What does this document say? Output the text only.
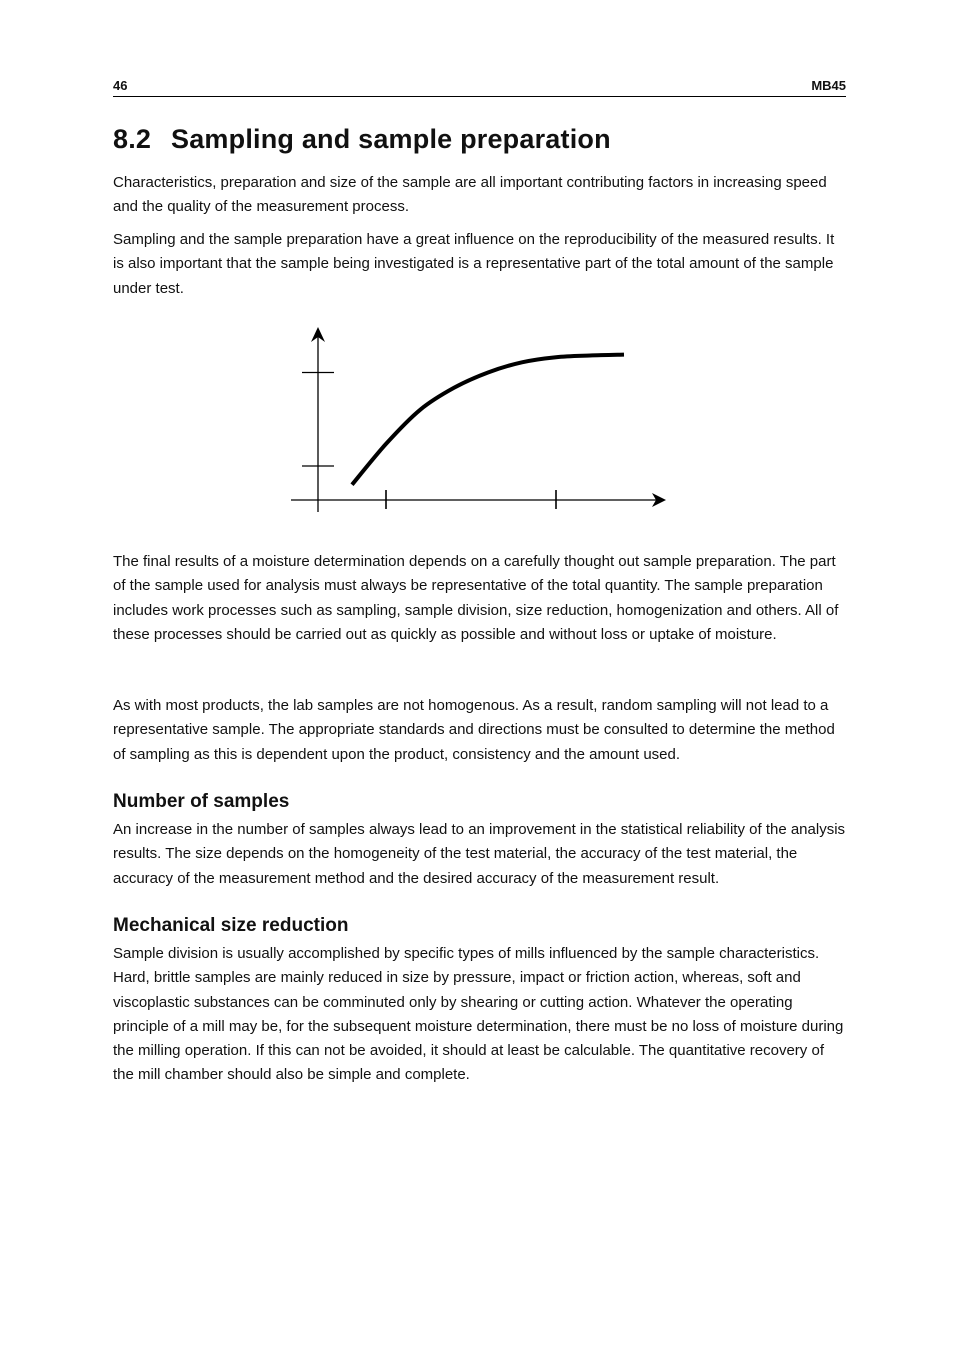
46	MB45
8.2 Sampling and sample preparation

Characteristics, preparation and size of the sample are all important contributing factors in increasing speed and the quality of the measurement process.

Sampling and the sample preparation have a great influence on the reproducibility of the measured results. It is also important that the sample being investigated is a representative part of the total amount of the sample under test.

The final results of a moisture determination depends on a carefully thought out sample preparation. The part of the sample used for analysis must always be representative of the total quantity. The sample preparation includes work processes such as sampling, sample division, size reduction, homogenization and others. All of these processes should be carried out as quickly as possible and without loss or uptake of moisture.

As with most products, the lab samples are not homogenous. As a result, random sampling will not lead to a representative sample. The appropriate standards and directions must be consulted to determine the method of sampling as this is dependent upon the product, consistency and the amount used.

Number of samples

An increase in the number of samples always lead to an improvement in the statistical reliability of the analysis results. The size depends on the homogeneity of the test material, the accuracy of the test material, the accuracy of the measurement method and the desired accuracy of the measurement result.

Mechanical size reduction

Sample division is usually accomplished by specific types of mills influenced by the sample characteristics. Hard, brittle samples are mainly reduced in size by pressure, impact or friction action, whereas, soft and viscoplastic substances can be comminuted only by shearing or cutting action. Whatever the operating principle of a mill may be, for the subsequent moisture determination, there must be no loss of moisture during the milling operation. If this can not be avoided, it should at least be calculable. The quantitative recovery of the mill chamber should also be simple and complete.
